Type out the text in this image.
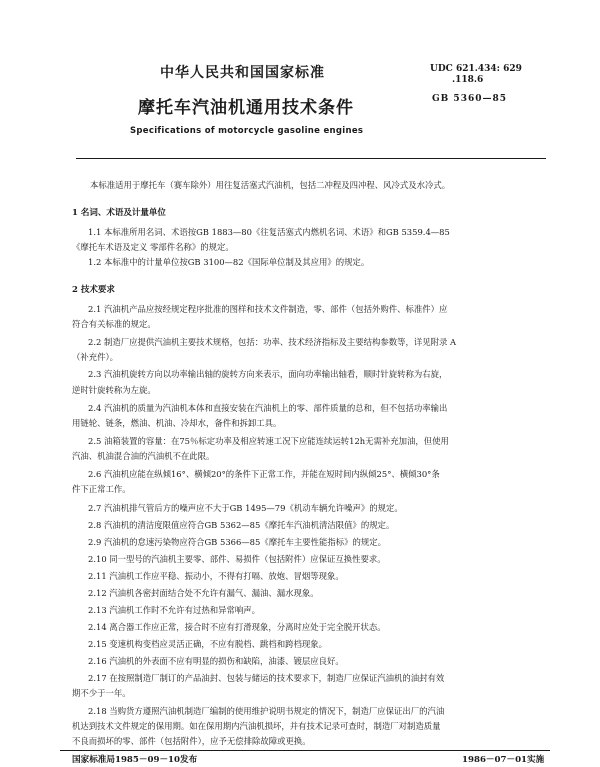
中华人民共和国国家标准	UDC 621.434: 629
.118.6
GB 5360—85
摩托车汽油机通用技术条件
Specifications of motorcycle gasoline engines
本标准适用于摩托车（赛车除外）用往复活塞式汽油机，包括二冲程及四冲程、风冷式及水冷式。
1 名词、术语及计量单位
1.1 本标准所用名词、术语按GB 1883—80《往复活塞式内燃机名词、术语》和GB 5359.4—85
《摩托车术语及定义 零部件名称》的规定。
1.2 本标准中的计量单位按GB 3100—82《国际单位制及其应用》的规定。
2 技术要求
2.1 汽油机产品应按经规定程序批准的图样和技术文件制造，零、部件（包括外购件、标准件）应
符合有关标准的规定。
2.2 制造厂应提供汽油机主要技术规格，包括：功率、技术经济指标及主要结构参数等，详见附录 A
（补充件）。
2.3 汽油机旋转方向以功率输出轴的旋转方向来表示，面向功率输出轴看，顺时针旋转称为右旋，
逆时针旋转称为左旋。
2.4 汽油机的质量为汽油机本体和直接安装在汽油机上的零、部件质量的总和，但不包括功率输出
用链轮、链条，燃油、机油、冷却水，备件和拆卸工具。
2.5 油箱装置的容量：在75％标定功率及相应转速工况下应能连续运转12h无需补充加油，但使用
汽油、机油混合油的汽油机不在此限。
2.6 汽油机应能在纵倾16°、横倾20°的条件下正常工作，并能在短时间内纵倾25°、横倾30°条
件下正常工作。
2.7 汽油机排气管后方的噪声应不大于GB 1495—79《机动车辆允许噪声》的规定。
2.8 汽油机的清洁度限值应符合GB 5362—85《摩托车汽油机清洁限值》的规定。
2.9 汽油机的怠速污染物应符合GB 5366—85《摩托车主要性能指标》的规定。
2.10 同一型号的汽油机主要零、部件、易损件（包括附件）应保证互换性要求。
2.11 汽油机工作应平稳、振动小，不得有打嗝、放炮、冒烟等现象。
2.12 汽油机各密封面结合处不允许有漏气、漏油、漏水现象。
2.13 汽油机工作时不允许有过热和异常响声。
2.14 离合器工作应正常，接合时不应有打滑现象，分离时应处于完全脱开状态。
2.15 变速机构变档应灵活正确，不应有脱档、跳档和跨档现象。
2.16 汽油机的外表面不应有明显的损伤和缺陷，油漆、镀层应良好。
2.17 在按照制造厂制订的产品油封、包装与储运的技术要求下，制造厂应保证汽油机的油封有效
期不少于一年。
2.18 当购货方遵照汽油机制造厂编制的使用维护说明书规定的情况下，制造厂应保证出厂的汽油
机达到技术文件规定的保用期。如在保用期内汽油机损坏，并有技术记录可查时，制造厂对制造质量
不良而损坏的零、部件（包括附件），应予无偿排除故障或更换。
国家标准局1985－09－10发布	1986－07－01实施
